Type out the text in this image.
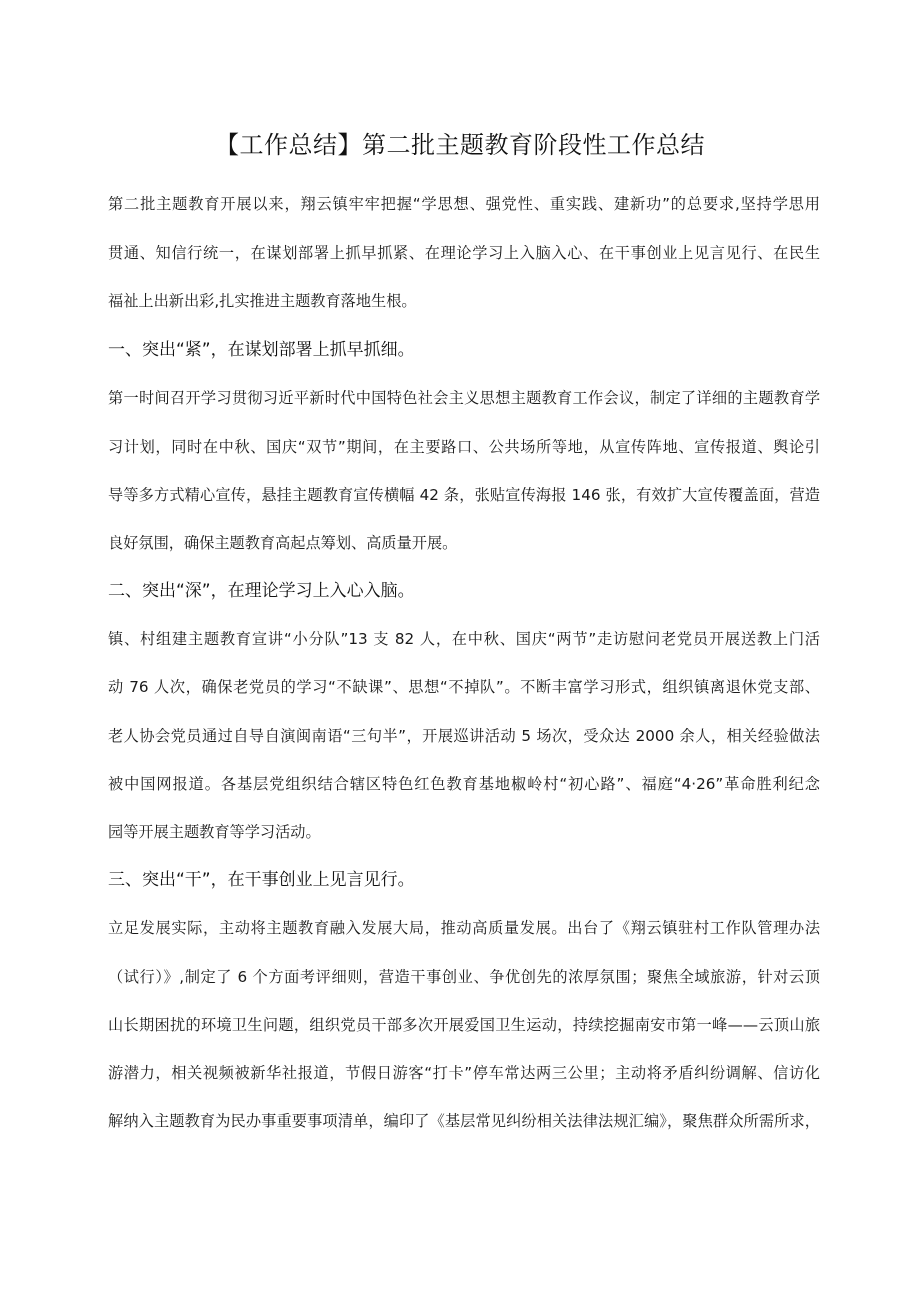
【工作总结】第二批主题教育阶段性工作总结
第二批主题教育开展以来，翔云镇牢牢把握“学思想、强党性、重实践、建新功”的总要求,坚持学思用
贯通、知信行统一，在谋划部署上抓早抓紧、在理论学习上入脑入心、在干事创业上见言见行、在民生
福祉上出新出彩,扎实推进主题教育落地生根。
一、突出“紧”，在谋划部署上抓早抓细。
第一时间召开学习贯彻习近平新时代中国特色社会主义思想主题教育工作会议，制定了详细的主题教育学
习计划，同时在中秋、国庆“双节”期间，在主要路口、公共场所等地，从宣传阵地、宣传报道、舆论引
导等多方式精心宣传，悬挂主题教育宣传横幅 42 条，张贴宣传海报 146 张，有效扩大宣传覆盖面，营造
良好氛围，确保主题教育高起点筹划、高质量开展。
二、突出“深”，在理论学习上入心入脑。
镇、村组建主题教育宣讲“小分队”13 支 82 人，在中秋、国庆“两节”走访慰问老党员开展送教上门活
动 76 人次，确保老党员的学习“不缺课”、思想“不掉队”。不断丰富学习形式，组织镇离退休党支部、
老人协会党员通过自导自演闽南语“三句半”，开展巡讲活动 5 场次，受众达 2000 余人，相关经验做法
被中国网报道。各基层党组织结合辖区特色红色教育基地椒岭村“初心路”、福庭“4·26”革命胜利纪念
园等开展主题教育等学习活动。
三、突出“干”，在干事创业上见言见行。
立足发展实际，主动将主题教育融入发展大局，推动高质量发展。出台了《翔云镇驻村工作队管理办法
（试行）》,制定了 6 个方面考评细则，营造干事创业、争优创先的浓厚氛围；聚焦全域旅游，针对云顶
山长期困扰的环境卫生问题，组织党员干部多次开展爱国卫生运动，持续挖掘南安市第一峰——云顶山旅
游潜力，相关视频被新华社报道，节假日游客“打卡”停车常达两三公里；主动将矛盾纠纷调解、信访化
解纳入主题教育为民办事重要事项清单，编印了《基层常见纠纷相关法律法规汇编》，聚焦群众所需所求，
